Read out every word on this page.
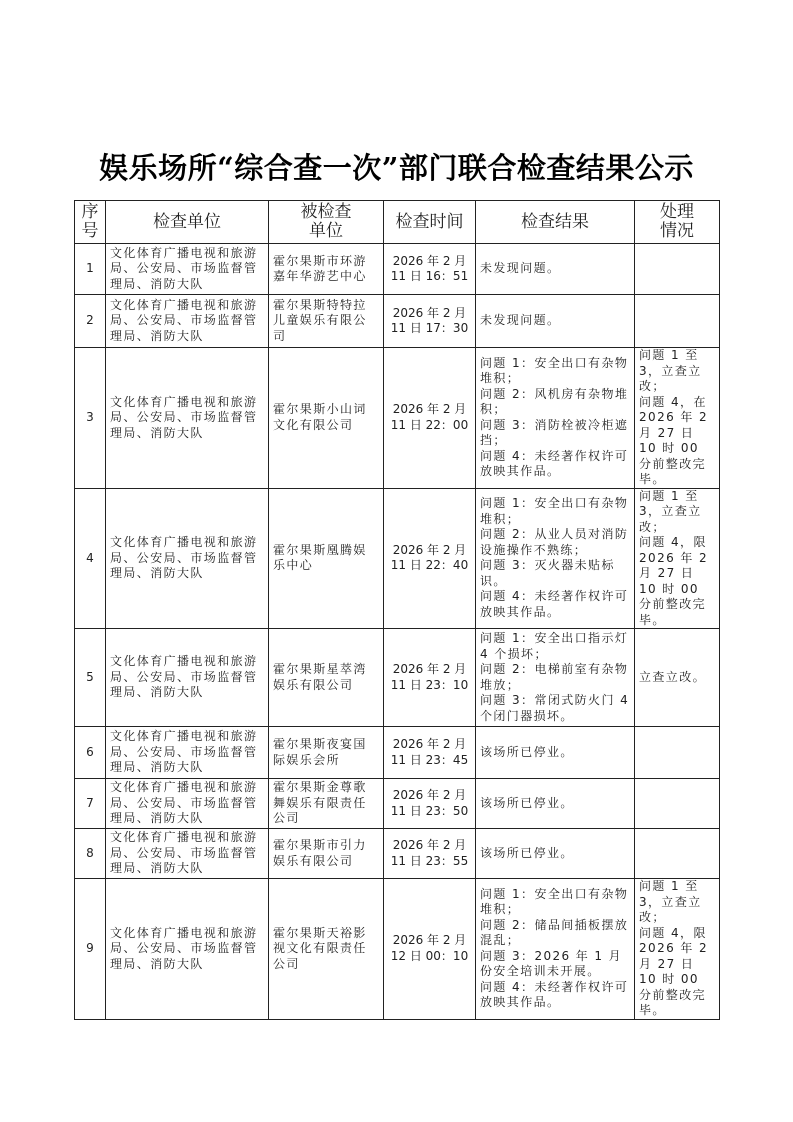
娱乐场所“综合查一次”部门联合检查结果公示
序
号	检查单位	被检查
单位	检查时间	检查结果	处理
情况

1	文化体育广播电视和旅游局、公安局、市场监督管理局、消防大队	霍尔果斯市环游嘉年华游艺中心	2026 年 2 月
11 日 16：51	未发现问题。	

2	文化体育广播电视和旅游局、公安局、市场监督管理局、消防大队	霍尔果斯特特拉儿童娱乐有限公司	2026 年 2 月
11 日 17：30	未发现问题。	

3	文化体育广播电视和旅游局、公安局、市场监督管理局、消防大队	霍尔果斯小山词文化有限公司	2026 年 2 月
11 日 22：00	问题 1：安全出口有杂物堆积；
问题 2：风机房有杂物堆积；
问题 3：消防栓被冷柜遮挡；
问题 4：未经著作权许可放映其作品。	问题 1 至 3，立查立改；
问题 4，在 2026 年 2 月 27 日 10 时 00 分前整改完毕。

4	文化体育广播电视和旅游局、公安局、市场监督管理局、消防大队	霍尔果斯凰腾娱乐中心	2026 年 2 月
11 日 22：40	问题 1：安全出口有杂物堆积；
问题 2：从业人员对消防设施操作不熟练；
问题 3：灭火器未贴标识。
问题 4：未经著作权许可放映其作品。	问题 1 至 3，立查立改；
问题 4，限 2026 年 2 月 27 日 10 时 00 分前整改完毕。

5	文化体育广播电视和旅游局、公安局、市场监督管理局、消防大队	霍尔果斯星萃湾娱乐有限公司	2026 年 2 月
11 日 23：10	问题 1：安全出口指示灯 4 个损坏；
问题 2：电梯前室有杂物堆放；
问题 3：常闭式防火门 4 个闭门器损坏。	立查立改。

6	文化体育广播电视和旅游局、公安局、市场监督管理局、消防大队	霍尔果斯夜宴国际娱乐会所	2026 年 2 月
11 日 23：45	该场所已停业。	

7	文化体育广播电视和旅游局、公安局、市场监督管理局、消防大队	霍尔果斯金尊歌舞娱乐有限责任公司	2026 年 2 月
11 日 23：50	该场所已停业。	

8	文化体育广播电视和旅游局、公安局、市场监督管理局、消防大队	霍尔果斯市引力娱乐有限公司	2026 年 2 月
11 日 23：55	该场所已停业。	

9	文化体育广播电视和旅游局、公安局、市场监督管理局、消防大队	霍尔果斯天裕影视文化有限责任公司	2026 年 2 月
12 日 00：10	问题 1：安全出口有杂物堆积；
问题 2：储品间插板摆放混乱；
问题 3：2026 年 1 月份安全培训未开展。
问题 4：未经著作权许可放映其作品。	问题 1 至 3，立查立改；
问题 4，限 2026 年 2 月 27 日 10 时 00 分前整改完毕。
